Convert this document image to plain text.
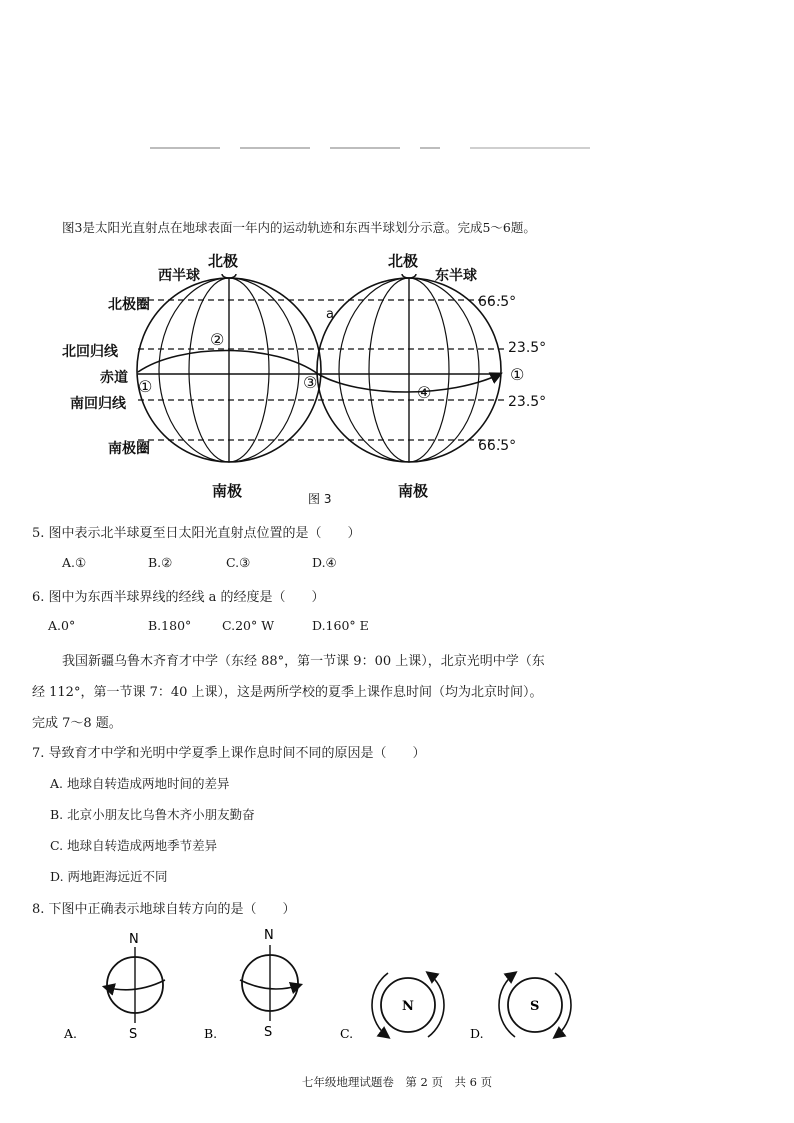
图3是太阳光直射点在地球表面一年内的运动轨迹和东西半球划分示意。完成5～6题。
北极
西半球
北极
东半球
北极圈
北回归线
赤道
南回归线
南极圈
南极	南极
66.5°
23.5°
23.5°
66.5°
a
①
②
③
④
①
图 3
5. 图中表示北半球夏至日太阳光直射点位置的是（　　）
A.①	B.②	C.③	D.④
6. 图中为东西半球界线的经线 a 的经度是（　　）
A.0°	B.180° C.20° W	D.160° E
我国新疆乌鲁木齐育才中学（东经 88°，第一节课 9：00 上课），北京光明中学（东
经 112°，第一节课 7：40 上课），这是两所学校的夏季上课作息时间（均为北京时间）。
完成 7～8 题。
7. 导致育才中学和光明中学夏季上课作息时间不同的原因是（　　）
A. 地球自转造成两地时间的差异
B. 北京小朋友比乌鲁木齐小朋友勤奋
C. 地球自转造成两地季节差异
D. 两地距海远近不同
8. 下图中正确表示地球自转方向的是（　　）
N
S
N
S
N	S
A.	B.	C.	D.
七年级地理试题卷　第 2 页　共 6 页
